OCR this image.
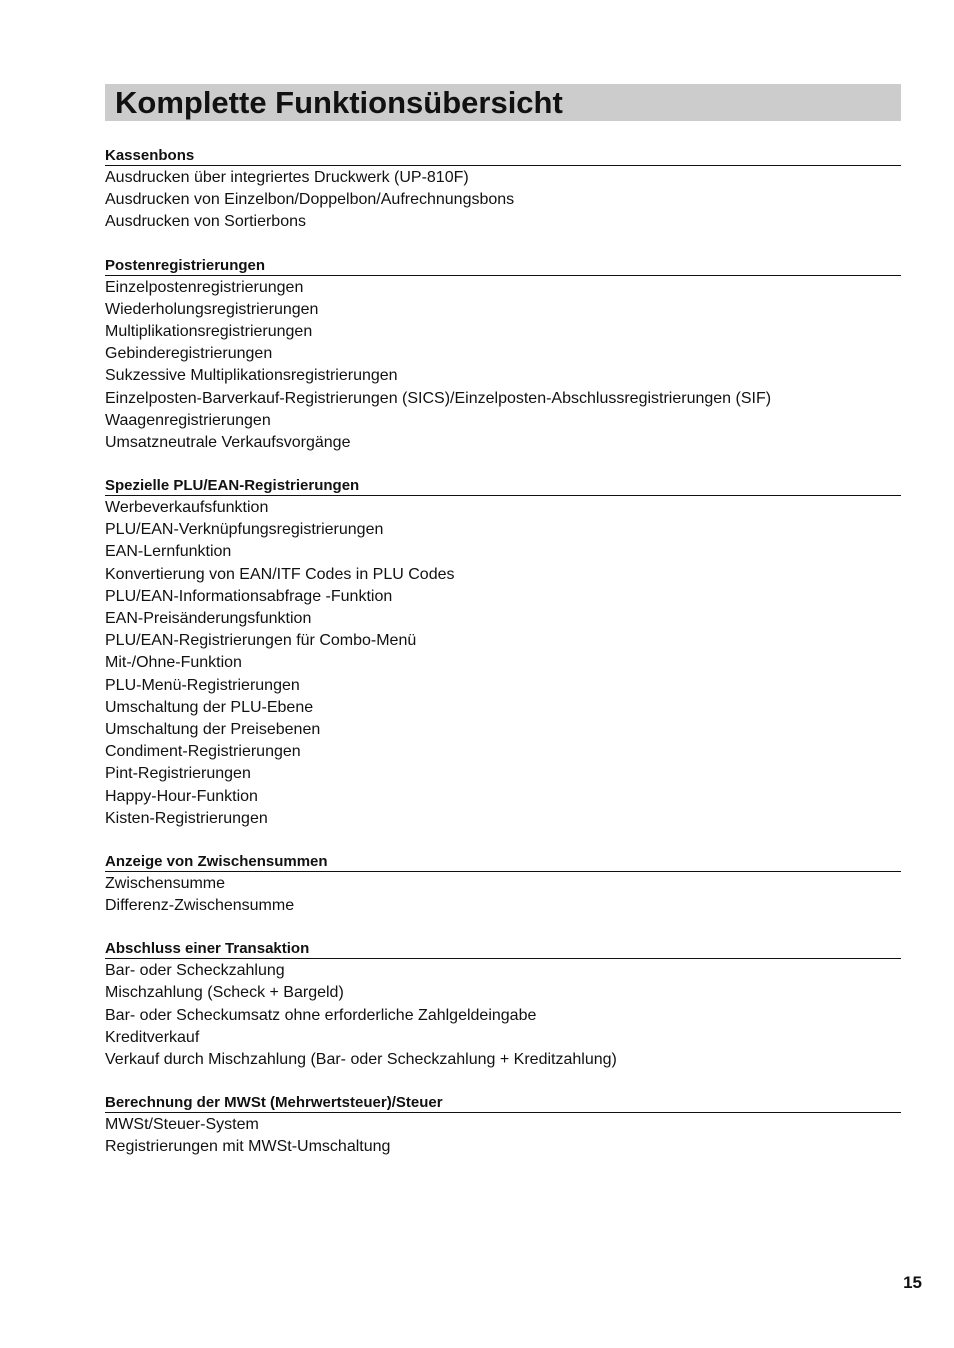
Komplette Funktionsübersicht
Kassenbons
Ausdrucken über integriertes Druckwerk (UP-810F)
Ausdrucken von Einzelbon/Doppelbon/Aufrechnungsbons
Ausdrucken von Sortierbons
Postenregistrierungen
Einzelpostenregistrierungen
Wiederholungsregistrierungen
Multiplikationsregistrierungen
Gebinderegistrierungen
Sukzessive Multiplikationsregistrierungen
Einzelposten-Barverkauf-Registrierungen (SICS)/Einzelposten-Abschlussregistrierungen (SIF)
Waagenregistrierungen
Umsatzneutrale Verkaufsvorgänge
Spezielle PLU/EAN-Registrierungen
Werbeverkaufsfunktion
PLU/EAN-Verknüpfungsregistrierungen
EAN-Lernfunktion
Konvertierung von EAN/ITF Codes in PLU Codes
PLU/EAN-Informationsabfrage -Funktion
EAN-Preisänderungsfunktion
PLU/EAN-Registrierungen für Combo-Menü
Mit-/Ohne-Funktion
PLU-Menü-Registrierungen
Umschaltung der PLU-Ebene
Umschaltung der Preisebenen
Condiment-Registrierungen
Pint-Registrierungen
Happy-Hour-Funktion
Kisten-Registrierungen
Anzeige von Zwischensummen
Zwischensumme
Differenz-Zwischensumme
Abschluss einer Transaktion
Bar- oder Scheckzahlung
Mischzahlung (Scheck + Bargeld)
Bar- oder Scheckumsatz ohne erforderliche Zahlgeldeingabe
Kreditverkauf
Verkauf durch Mischzahlung (Bar- oder Scheckzahlung + Kreditzahlung)
Berechnung der MWSt (Mehrwertsteuer)/Steuer
MWSt/Steuer-System
Registrierungen mit MWSt-Umschaltung
15
